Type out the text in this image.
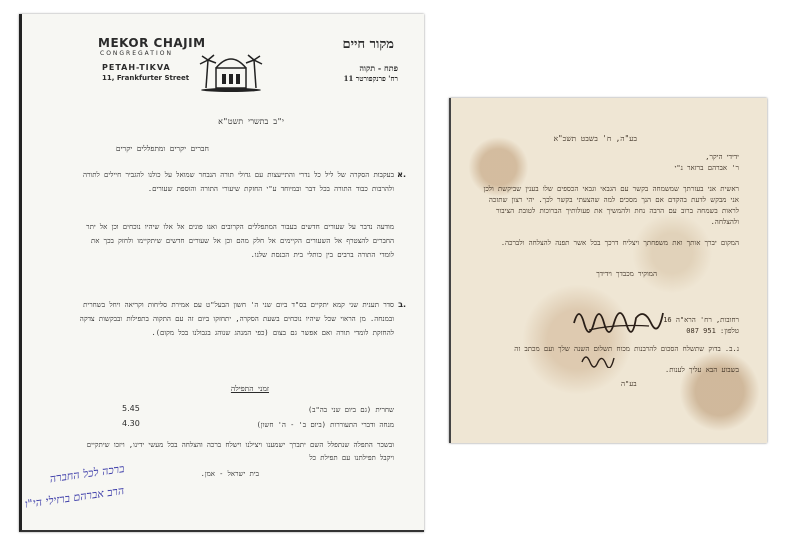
MEKOR CHAJIM
CONGREGATION
PETAH-TIKVA
11, Frankfurter Street
מקור חיים
פתח - תקוה
רח' פרנקפורטר 11
י"ב בתשרי תשט"א
חברים יקרים ומתפללים יקרים
א.
בעקבות הסקרה של ליל כל נדרי והתייעצות עם גדולי תורה הנבחר שמואל על כולנו להגביר חיילים לתורה ולהרבות כבוד התורה בכל דבר ובמיוחד ע"י החזקת שיעורי התורה והוספת שעורים.
מודעה נדבר על שעורים חדשים בעבור המתפללים הקרובים ואנו פונים אל אלו שיהיו נוכחים וכן אל יתר החברים להצטרף אל השעורים הקיימים אל חלק מהם וכן אל שעורים חדשים שיתקיימו ולחזק בכך את לומדי התורה ברבים בין כותלי בית הכנסת שלנו.
ב.
סדר תענית שני קמא יתקיים בס"ד ביום שני ה' חשון הבעל"ט עם אמירת סליחות וקריאה ויחל בשחרית ובמנחה. מן הראוי שכל שיהיו נוכחים בשעת הסקרה, יתחזקו ביום זה עם התקוה בתפילות ובבקשות צדקה להחזקת לומדי תורה ואם אפשר גם בצום (כפי המנהג שנוהג בגבולנו בכל מקום).
זמני התפילה
שחרית (גם ביום שני בה"ב)
5.45
מנחה ודברי התעוררות (ביום ב' - ה' חשון)
4.30
ובשכר התפלה שנתפלל השם יתברך ישמענו ויצילנו וישלח ברכה והצלחה בכל מעשי ידינו, ויזכו שיתקיים ויקבל תפילתנו עם תפילת כל
בית ישראל - אמן.
ברכה לכל החברה
הרב אברהם ברזילי הי"ו
בע"ה, ח' בשבט תשכ"א
ידידי היקר,
ר' אברהם ברזאר נ"י
ראשית אני בעזרתך שמשמחה בקשר עם הגבאי וגבאי הכספים שלו בענין שביקשת ולכן אני מבקש לדעת בהקדם אם הנך מסכים למה שהצעתי בקשר לכך. יהי רצון שתזכה לראות בשמחה ברוב עם הרבה נחת ולהמשיך את פעולותיך הברוכות לטובת הציבור ולהצלחה.
המקום יברך אותך ואת משפחתך ויצליח דרכך בכל אשר תפנה להצלחה ולברכה.
המוקיר מכבדך וידידך
רחובות, רח' הרא"ה 16
טלפון: 951 087
נ.ב. בדוק שתשלח הסכום להרבנות מכוח תשלום השנה שלך ועם מכתב זה
בשבוע הבא עליך לענות.
בע"ה
